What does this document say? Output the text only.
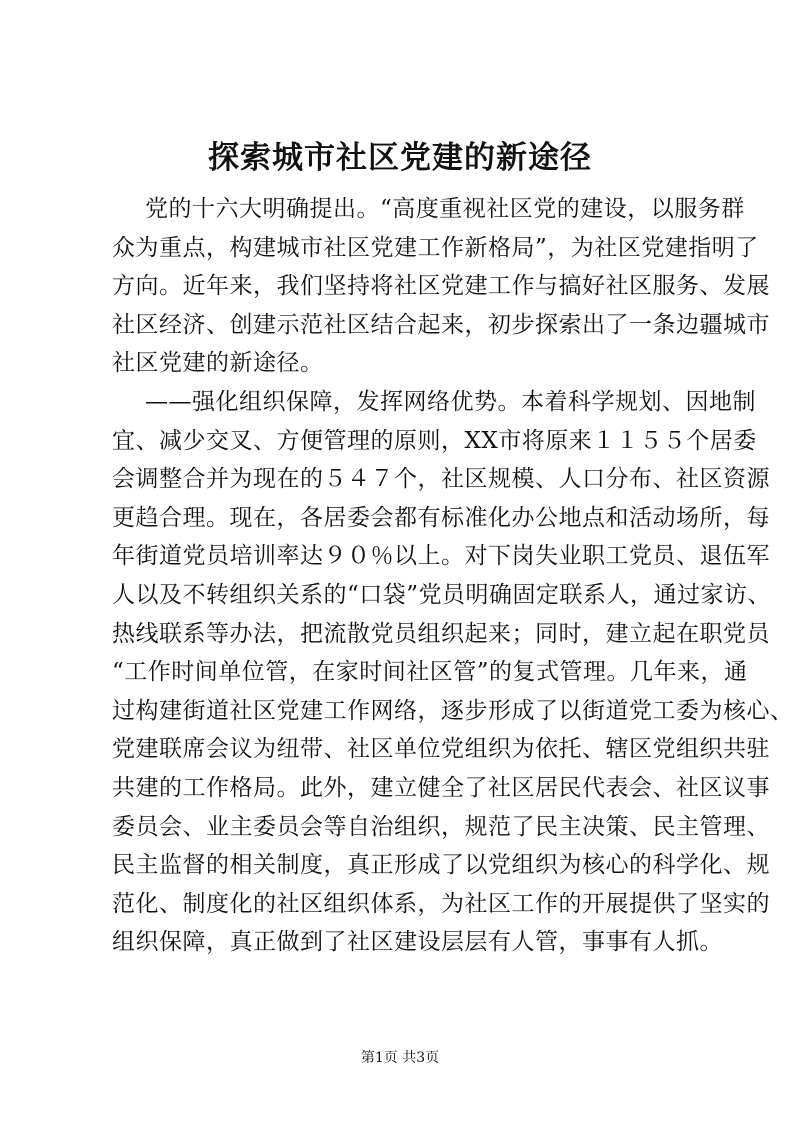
探索城市社区党建的新途径
党的十六大明确提出。“高度重视社区党的建设，以服务群
众为重点，构建城市社区党建工作新格局”，为社区党建指明了
方向。近年来，我们坚持将社区党建工作与搞好社区服务、发展
社区经济、创建示范社区结合起来，初步探索出了一条边疆城市
社区党建的新途径。
——强化组织保障，发挥网络优势。本着科学规划、因地制
宜、减少交叉、方便管理的原则，XX市将原来１１５５个居委
会调整合并为现在的５４７个，社区规模、人口分布、社区资源
更趋合理。现在，各居委会都有标准化办公地点和活动场所，每
年街道党员培训率达９０％以上。对下岗失业职工党员、退伍军
人以及不转组织关系的“口袋”党员明确固定联系人，通过家访、
热线联系等办法，把流散党员组织起来；同时，建立起在职党员
“工作时间单位管，在家时间社区管”的复式管理。几年来，通
过构建街道社区党建工作网络，逐步形成了以街道党工委为核心、
党建联席会议为纽带、社区单位党组织为依托、辖区党组织共驻
共建的工作格局。此外，建立健全了社区居民代表会、社区议事
委员会、业主委员会等自治组织，规范了民主决策、民主管理、
民主监督的相关制度，真正形成了以党组织为核心的科学化、规
范化、制度化的社区组织体系，为社区工作的开展提供了坚实的
组织保障，真正做到了社区建设层层有人管，事事有人抓。
第1页 共3页
